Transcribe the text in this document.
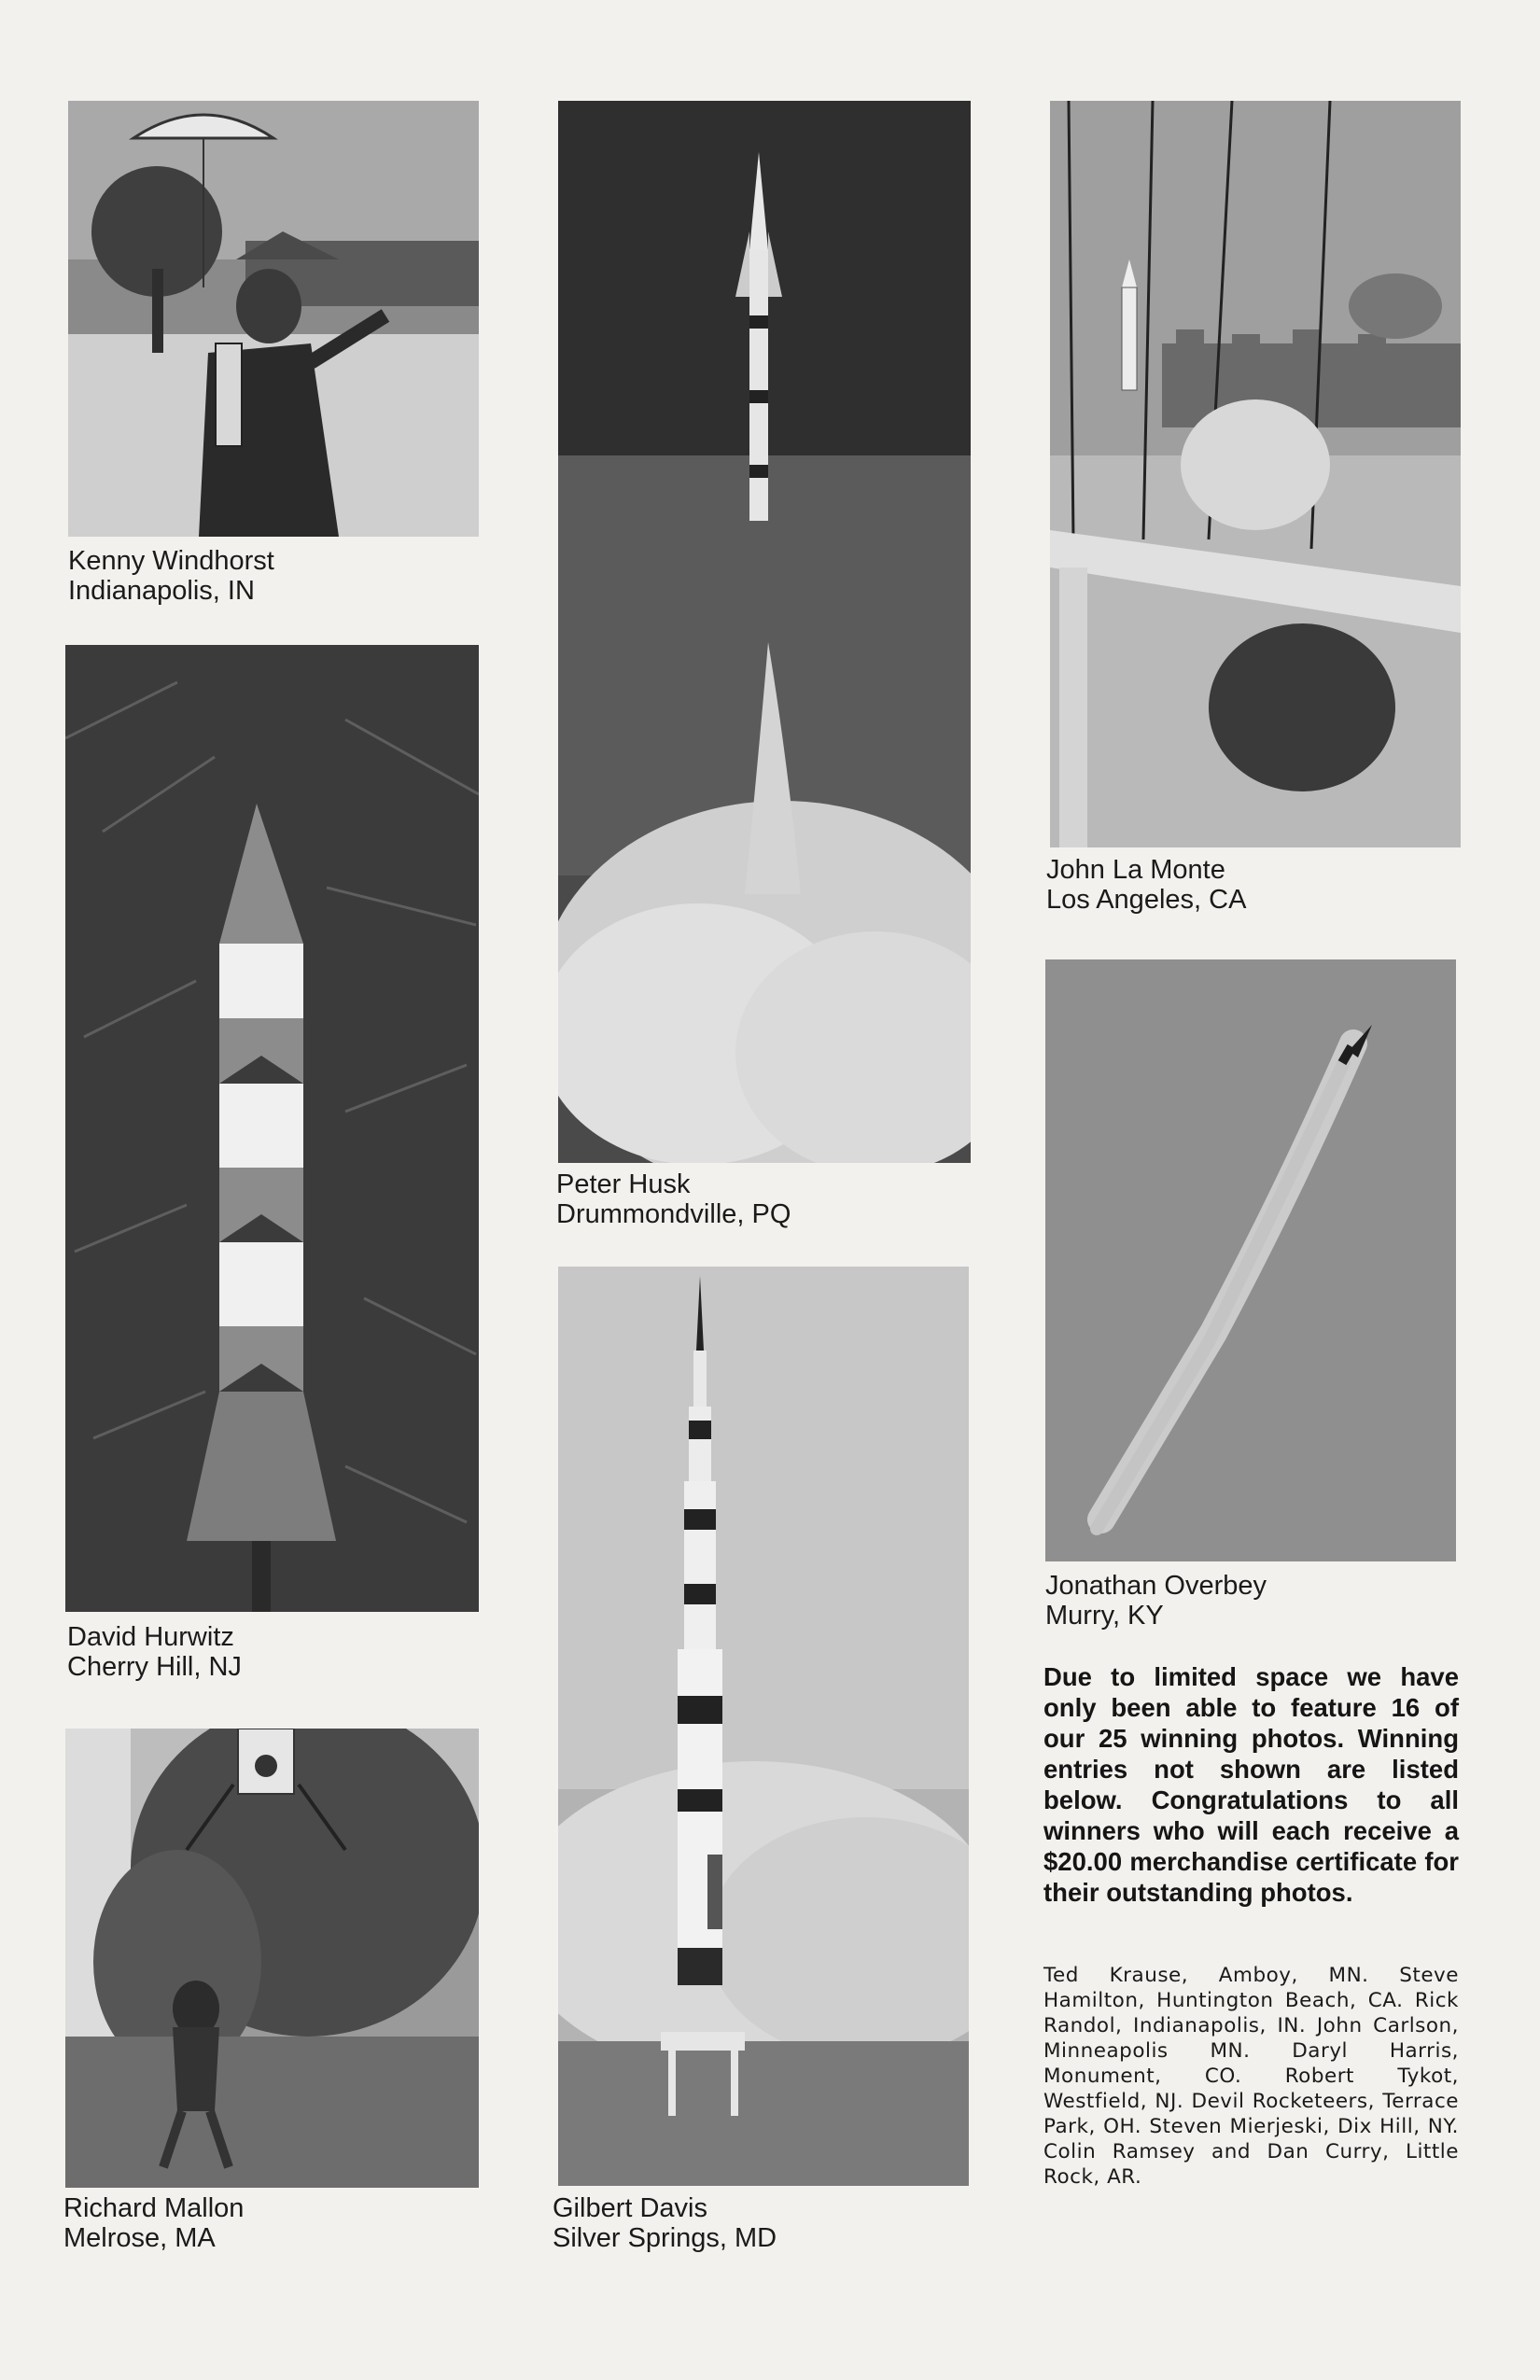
Kenny Windhorst
Indianapolis, IN

Peter Husk
Drummondville, PQ

John La Monte
Los Angeles, CA

David Hurwitz
Cherry Hill, NJ

Jonathan Overbey
Murry, KY

Gilbert Davis
Silver Springs, MD

Richard Mallon
Melrose, MA

Due to limited space we have only been able to feature 16 of our 25 winning photos. Winning entries not shown are listed below. Congratulations to all winners who will each receive a $20.00 merchandise certificate for their outstanding photos.

Ted Krause, Amboy, MN. Steve Hamilton, Huntington Beach, CA. Rick Randol, Indianapolis, IN. John Carlson, Minneapolis MN. Daryl Harris, Monument, CO. Robert Tykot, Westfield, NJ. Devil Rocketeers, Terrace Park, OH. Steven Mierjeski, Dix Hill, NY. Colin Ramsey and Dan Curry, Little Rock, AR.
